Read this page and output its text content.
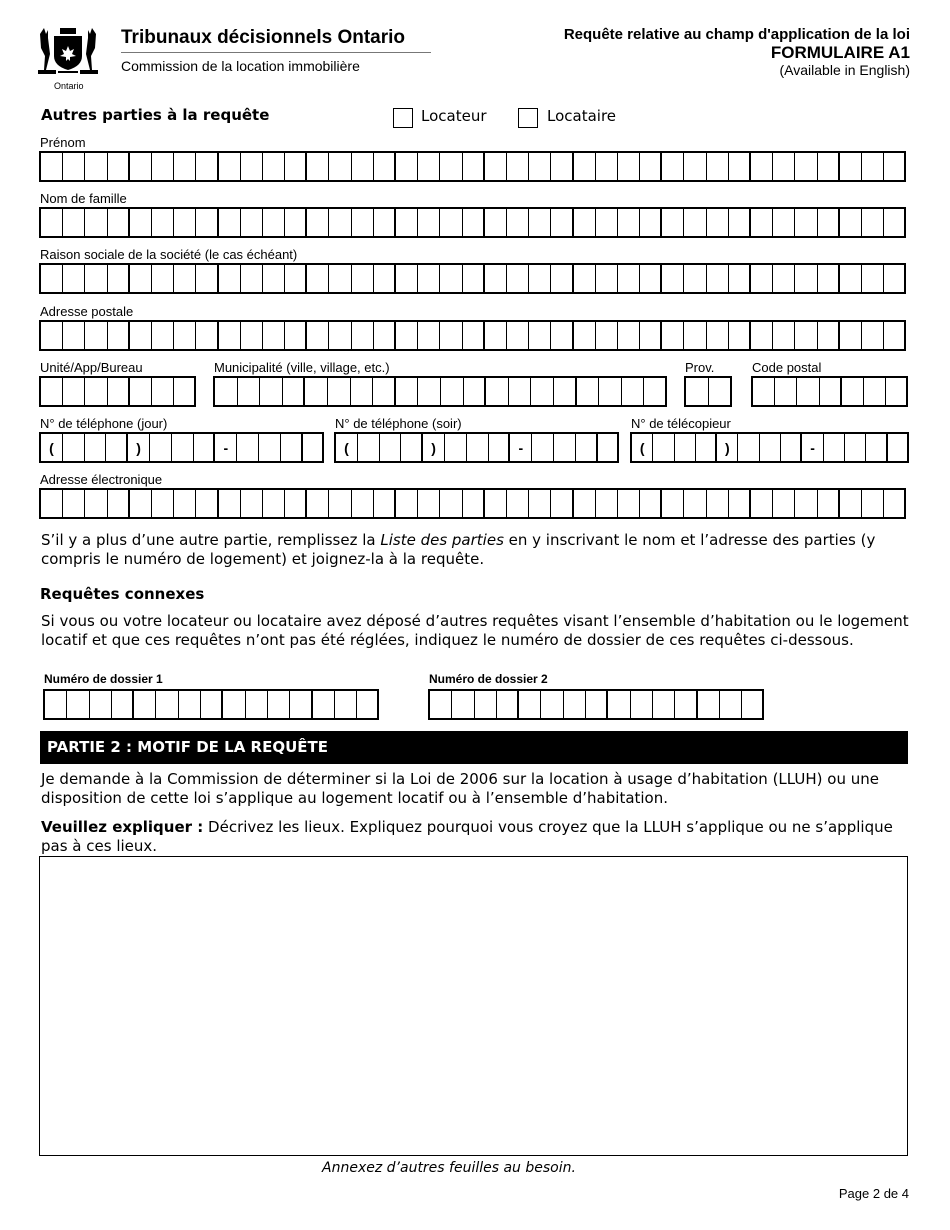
Ontario
Tribunaux décisionnels Ontario
Commission de la location immobilière
Requête relative au champ d'application de la loi
FORMULAIRE A1
(Available in English)
Autres parties à la requête	Locateur	Locataire
Prénom
Nom de famille
Raison sociale de la société (le cas échéant)
Adresse postale
Unité/App/Bureau	Municipalité (ville, village, etc.)	Prov.	Code postal
N° de téléphone (jour)	N° de téléphone (soir)	N° de télécopieur
(	)	-	(	)	-	(	)	-
Adresse électronique
S’il y a plus d’une autre partie, remplissez la Liste des parties en y inscrivant le nom et l’adresse des parties (y compris le numéro de logement) et joignez-la à la requête.
Requêtes connexes
Si vous ou votre locateur ou locataire avez déposé d’autres requêtes visant l’ensemble d’habitation ou le logement locatif et que ces requêtes n’ont pas été réglées, indiquez le numéro de dossier de ces requêtes ci-dessous.
Numéro de dossier 1	Numéro de dossier 2
PARTIE 2 : MOTIF DE LA REQUÊTE
Je demande à la Commission de déterminer si la Loi de 2006 sur la location à usage d’habitation (LLUH) ou une disposition de cette loi s’applique au logement locatif ou à l’ensemble d’habitation.
Veuillez expliquer : Décrivez les lieux. Expliquez pourquoi vous croyez que la LLUH s’applique ou ne s’applique pas à ces lieux.
Annexez d’autres feuilles au besoin.
Page 2 de 4
